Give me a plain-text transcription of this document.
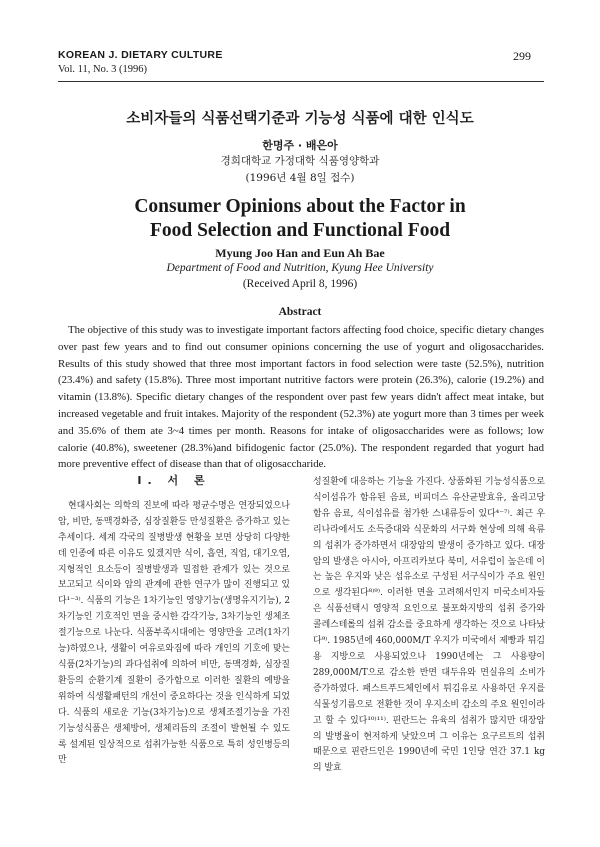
KOREAN J. DIETARY CULTURE
Vol. 11, No. 3 (1996)
299
소비자들의 식품선택기준과 기능성 식품에 대한 인식도
한명주 · 배은아
경희대학교 가정대학 식품영양학과
(1996년 4월 8일 접수)
Consumer Opinions about the Factor in
Food Selection and Functional Food
Myung Joo Han and Eun Ah Bae
Department of Food and Nutrition, Kyung Hee University
(Received April 8, 1996)
Abstract

The objective of this study was to investigate important factors affecting food choice, specific dietary changes over past few years and to find out consumer opinions concerning the use of yogurt and oligosaccharides. Results of this study showed that three most important factors in food selection were taste (52.5%), nutrition (23.4%) and safety (15.8%). Three most important nutritive factors were protein (26.3%), calorie (19.2%) and vitamin (13.8%). Specific dietary changes of the respondent over past few years didn't affect meat intake, but increased vegetable and fruit intakes. Majority of the respondent (52.3%) ate yogurt more than 3 times per week and 35.6% of them ate 3~4 times per month. Reasons for intake of oligosaccharides were as follows; low calorie (40.8%), sweetener (28.3%)and bifidogenic factor (25.0%). The respondent regarded that yogurt had more preventive effect of disease than that of oligosaccharide.

I. 서 론

현대사회는 의학의 진보에 따라 평균수명은 연장되었으나 암, 비만, 동맥경화증, 심장질환등 만성질환은 증가하고 있는 추세이다. 세계 각국의 질병발생 현황을 보면 상당히 다양한데 인종에 따른 이유도 있겠지만 식이, 흡연, 직업, 대기오염, 지형적인 요소등이 질병발생과 밀접한 관계가 있는 것으로 보고되고 식이와 암의 관계에 관한 연구가 많이 진행되고 있다¹⁻³⁾. 식품의 기능은 1차기능인 영양기능(생명유지기능), 2차기능인 기호적인 면을 중시한 감각기능, 3차기능인 생체조절기능으로 나눈다. 식품부족시대에는 영양만을 고려(1차기능)하였으나, 생활이 여유로와짐에 따라 개인의 기호에 맞는 식품(2차기능)의 과다섭취에 의하여 비만, 동맥경화, 심장질환등의 순환기계 질환이 증가함으로 이러한 질환의 예방을 위하여 식생활패턴의 개선이 중요하다는 것을 인식하게 되었다. 식품의 새로운 기능(3차기능)으로 생체조절기능을 가진 기능성식품은 생체방어, 생체리듬의 조절이 발현될 수 있도록 설계된 일상적으로 섭취가능한 식품으로 특히 성인병등의 만

성질환에 대응하는 기능을 가진다. 상품화된 기능성식품으로 식이섬유가 함유된 음료, 비피더스 유산균발효유, 올리고당함유 음료, 식이섬유를 첨가한 스내류등이 있다⁴⁻⁷⁾. 최근 우리나라에서도 소득증대와 식문화의 서구화 현상에 의해 육류의 섭취가 증가하면서 대장암의 발생이 증가하고 있다. 대장암의 발생은 아시아, 아프리카보다 북미, 서유럽이 높은데 이는 높은 우지와 낮은 섬유소로 구성된 서구식이가 주요 원인으로 생각된다⁸⁾⁹⁾. 이러한 면을 고려해서인지 미국소비자들은 식품선택시 영양적 요인으로 불포화지방의 섭취 증가와 콜레스테롤의 섭취 감소를 중요하게 생각하는 것으로 나타났다⁹⁾. 1985년에 460,000M/T 우지가 미국에서 제빵과 튀김용 지방으로 사용되었으나 1990년에는 그 사용량이 289,000M/T으로 감소한 반면 대두유와 면실유의 소비가 증가하였다. 패스트푸드체인에서 튀김유로 사용하던 우지를 식물성기름으로 전환한 것이 우지소비 감소의 주요 원인이라고 할 수 있다¹⁰⁾¹¹⁾. 핀란드는 유육의 섭취가 많지만 대장암의 발병율이 현저하게 낮았으며 그 이유는 요구르트의 섭취때문으로 핀란드인은 1990년에 국민 1인당 연간 37.1 kg의 발효
